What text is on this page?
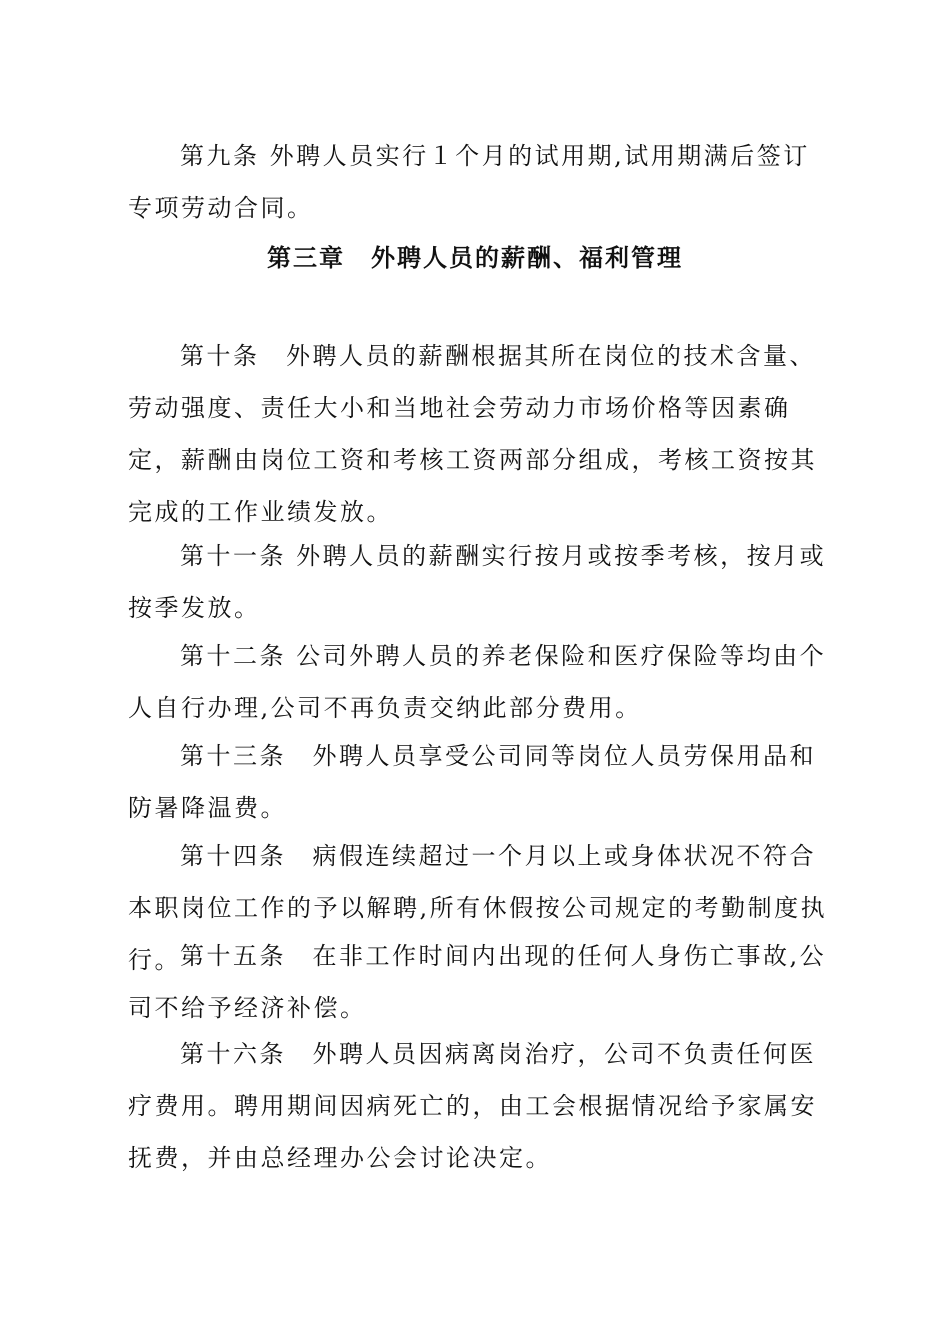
第九条 外聘人员实行１个月的试用期,试用期满后签订专项劳动合同。

第三章　外聘人员的薪酬、福利管理

第十条　外聘人员的薪酬根据其所在岗位的技术含量、劳动强度、责任大小和当地社会劳动力市场价格等因素确定，薪酬由岗位工资和考核工资两部分组成，考核工资按其完成的工作业绩发放。

第十一条 外聘人员的薪酬实行按月或按季考核，按月或按季发放。

第十二条 公司外聘人员的养老保险和医疗保险等均由个人自行办理,公司不再负责交纳此部分费用。

第十三条　外聘人员享受公司同等岗位人员劳保用品和防暑降温费。

第十四条　病假连续超过一个月以上或身体状况不符合本职岗位工作的予以解聘,所有休假按公司规定的考勤制度执行。 第十五条　在非工作时间内出现的任何人身伤亡事故,公司不给予经济补偿。

第十六条　外聘人员因病离岗治疗，公司不负责任何医疗费用。聘用期间因病死亡的，由工会根据情况给予家属安抚费，并由总经理办公会讨论决定。
